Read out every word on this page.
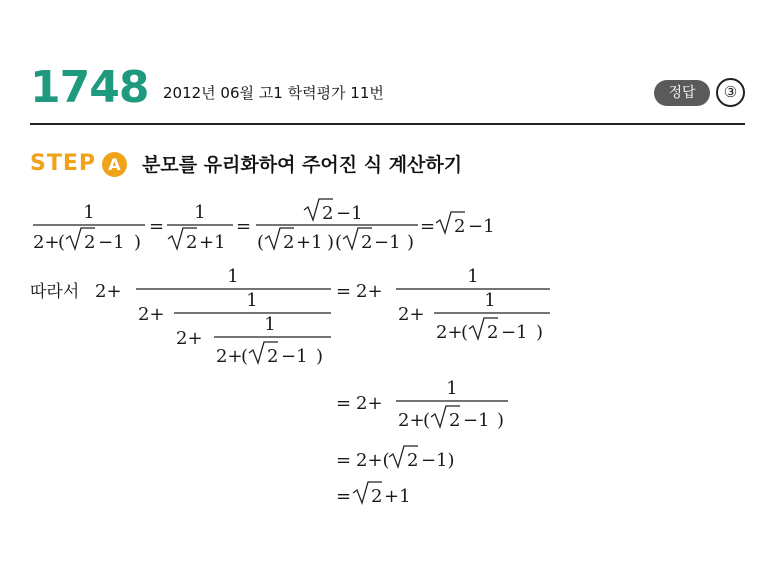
1748 2012년 06월 고1 학력평가 11번	정답	③
STEP A	분모를 유리화하여 주어진 식 계산하기
1
2+
( 2 −1 )
=
1
2 +1
=
2 −1
( 2 +1 ) ( 2 −1 )
= 2 −1
따라서 2+
1
2+
1
2+
1
2+
( 2 −1 )
= 2+
1
2+
1
2+
( 2 −1 )
= 2+
1
2+
( 2 −1 )
= 2+( 2 −1)
= 2 +1
